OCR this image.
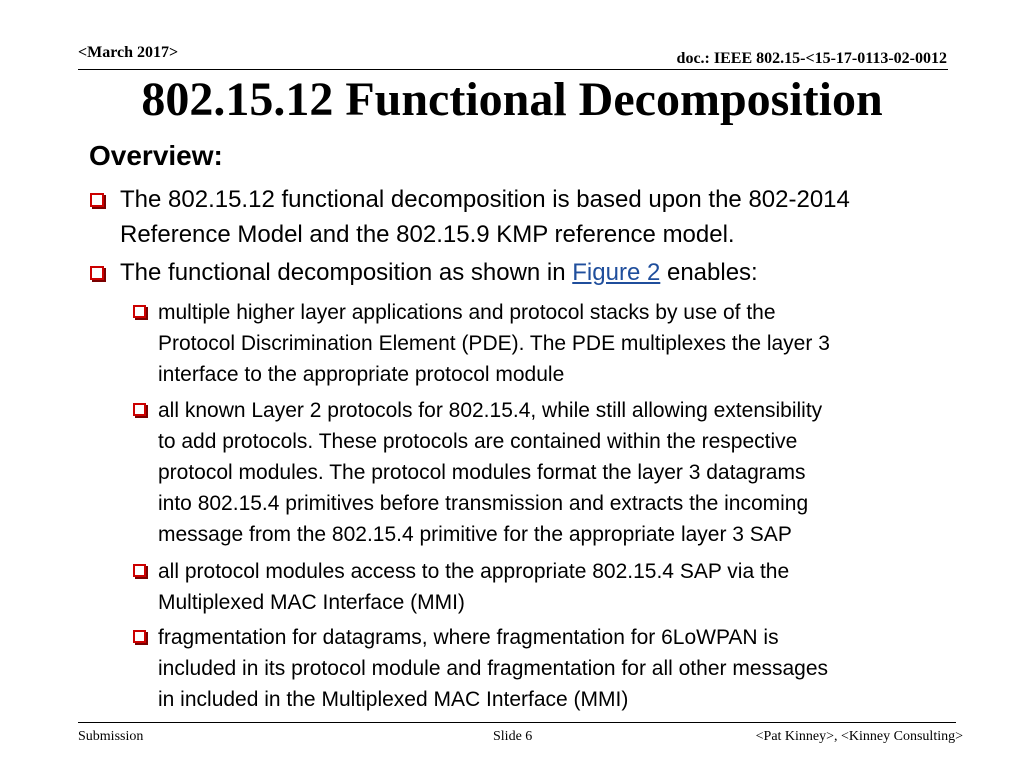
<March 2017>	doc.: IEEE 802.15-<15-17-0113-02-0012
802.15.12 Functional Decomposition
Overview:
The 802.15.12 functional decomposition is based upon the 802-2014
Reference Model and the 802.15.9 KMP reference model.
The functional decomposition as shown in Figure 2 enables:
multiple higher layer applications and protocol stacks by use of the
Protocol Discrimination Element (PDE). The PDE multiplexes the layer 3
interface to the appropriate protocol module
all known Layer 2 protocols for 802.15.4, while still allowing extensibility
to add protocols. These protocols are contained within the respective
protocol modules. The protocol modules format the layer 3 datagrams
into 802.15.4 primitives before transmission and extracts the incoming
message from the 802.15.4 primitive for the appropriate layer 3 SAP
all protocol modules access to the appropriate 802.15.4 SAP via the
Multiplexed MAC Interface (MMI)
fragmentation for datagrams, where fragmentation for 6LoWPAN is
included in its protocol module and fragmentation for all other messages
in included in the Multiplexed MAC Interface (MMI)
Submission	Slide 6	<Pat Kinney>, <Kinney Consulting>
